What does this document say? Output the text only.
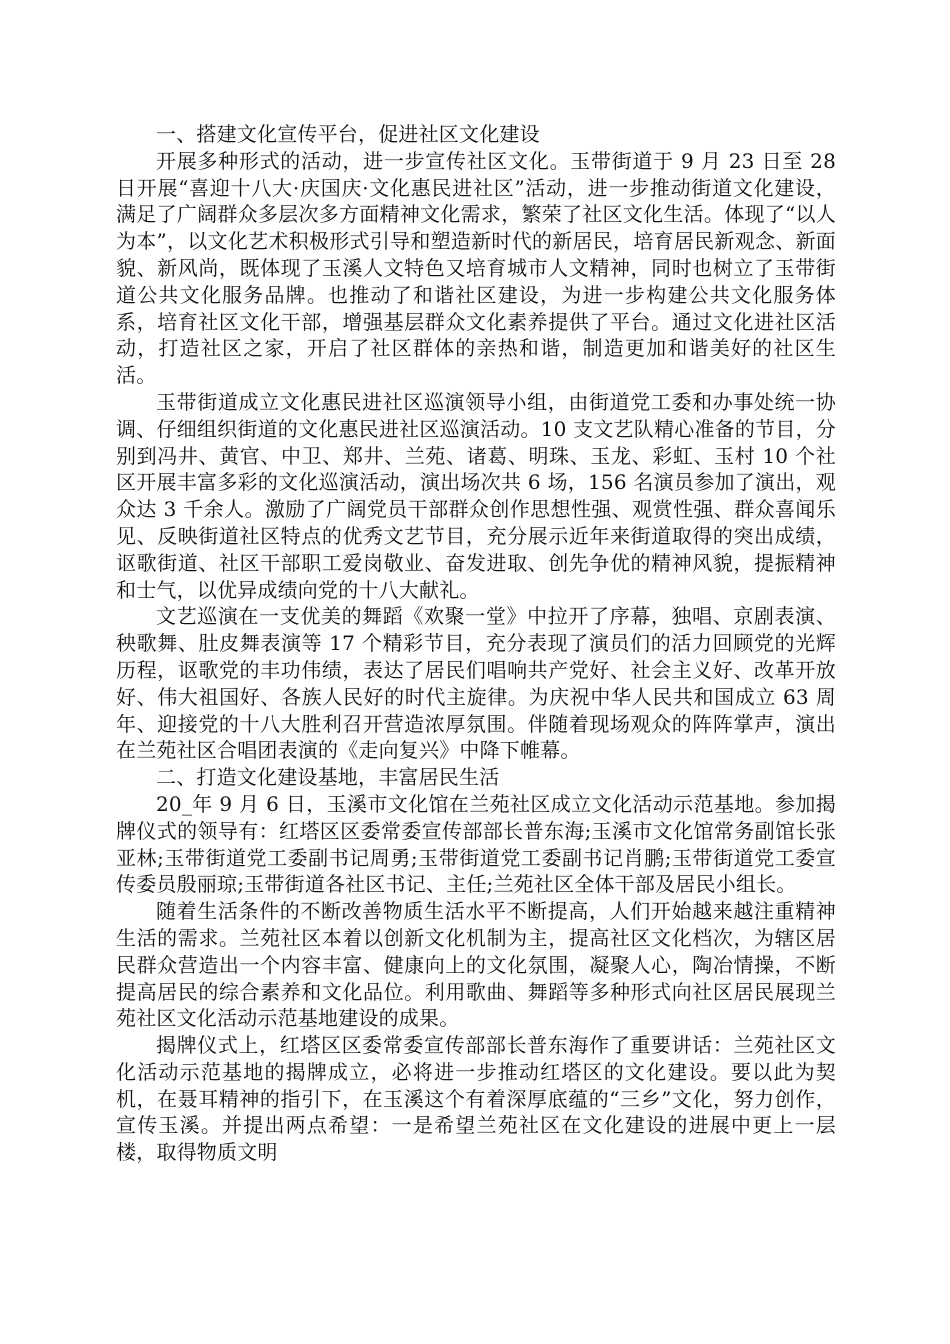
一、搭建文化宣传平台，促进社区文化建设

开展多种形式的活动，进一步宣传社区文化。玉带街道于 9 月 23 日至 28 日开展“喜迎十八大·庆国庆·文化惠民进社区”活动，进一步推动街道文化建设，满足了广阔群众多层次多方面精神文化需求，繁荣了社区文化生活。体现了“以人为本”，以文化艺术积极形式引导和塑造新时代的新居民，培育居民新观念、新面貌、新风尚，既体现了玉溪人文特色又培育城市人文精神，同时也树立了玉带街道公共文化服务品牌。也推动了和谐社区建设，为进一步构建公共文化服务体系，培育社区文化干部，增强基层群众文化素养提供了平台。通过文化进社区活动，打造社区之家，开启了社区群体的亲热和谐，制造更加和谐美好的社区生活。

玉带街道成立文化惠民进社区巡演领导小组，由街道党工委和办事处统一协调、仔细组织街道的文化惠民进社区巡演活动。10 支文艺队精心准备的节目，分别到冯井、黄官、中卫、郑井、兰苑、诸葛、明珠、玉龙、彩虹、玉村 10 个社区开展丰富多彩的文化巡演活动，演出场次共 6 场，156 名演员参加了演出，观众达 3 千余人。激励了广阔党员干部群众创作思想性强、观赏性强、群众喜闻乐见、反映街道社区特点的优秀文艺节目，充分展示近年来街道取得的突出成绩，讴歌街道、社区干部职工爱岗敬业、奋发进取、创先争优的精神风貌，提振精神和士气，以优异成绩向党的十八大献礼。

文艺巡演在一支优美的舞蹈《欢聚一堂》中拉开了序幕，独唱、京剧表演、秧歌舞、肚皮舞表演等 17 个精彩节目，充分表现了演员们的活力回顾党的光辉历程，讴歌党的丰功伟绩，表达了居民们唱响共产党好、社会主义好、改革开放好、伟大祖国好、各族人民好的时代主旋律。为庆祝中华人民共和国成立 63 周年、迎接党的十八大胜利召开营造浓厚氛围。伴随着现场观众的阵阵掌声，演出在兰苑社区合唱团表演的《走向复兴》中降下帷幕。

二、打造文化建设基地，丰富居民生活

20_年 9 月 6 日，玉溪市文化馆在兰苑社区成立文化活动示范基地。参加揭牌仪式的领导有：红塔区区委常委宣传部部长普东海;玉溪市文化馆常务副馆长张亚林;玉带街道党工委副书记周勇;玉带街道党工委副书记肖鹏;玉带街道党工委宣传委员殷丽琼;玉带街道各社区书记、主任;兰苑社区全体干部及居民小组长。

随着生活条件的不断改善物质生活水平不断提高，人们开始越来越注重精神生活的需求。兰苑社区本着以创新文化机制为主，提高社区文化档次，为辖区居民群众营造出一个内容丰富、健康向上的文化氛围，凝聚人心，陶冶情操，不断提高居民的综合素养和文化品位。利用歌曲、舞蹈等多种形式向社区居民展现兰苑社区文化活动示范基地建设的成果。

揭牌仪式上，红塔区区委常委宣传部部长普东海作了重要讲话：兰苑社区文化活动示范基地的揭牌成立，必将进一步推动红塔区的文化建设。要以此为契机，在聂耳精神的指引下，在玉溪这个有着深厚底蕴的“三乡”文化，努力创作，宣传玉溪。并提出两点希望：一是希望兰苑社区在文化建设的进展中更上一层楼，取得物质文明
